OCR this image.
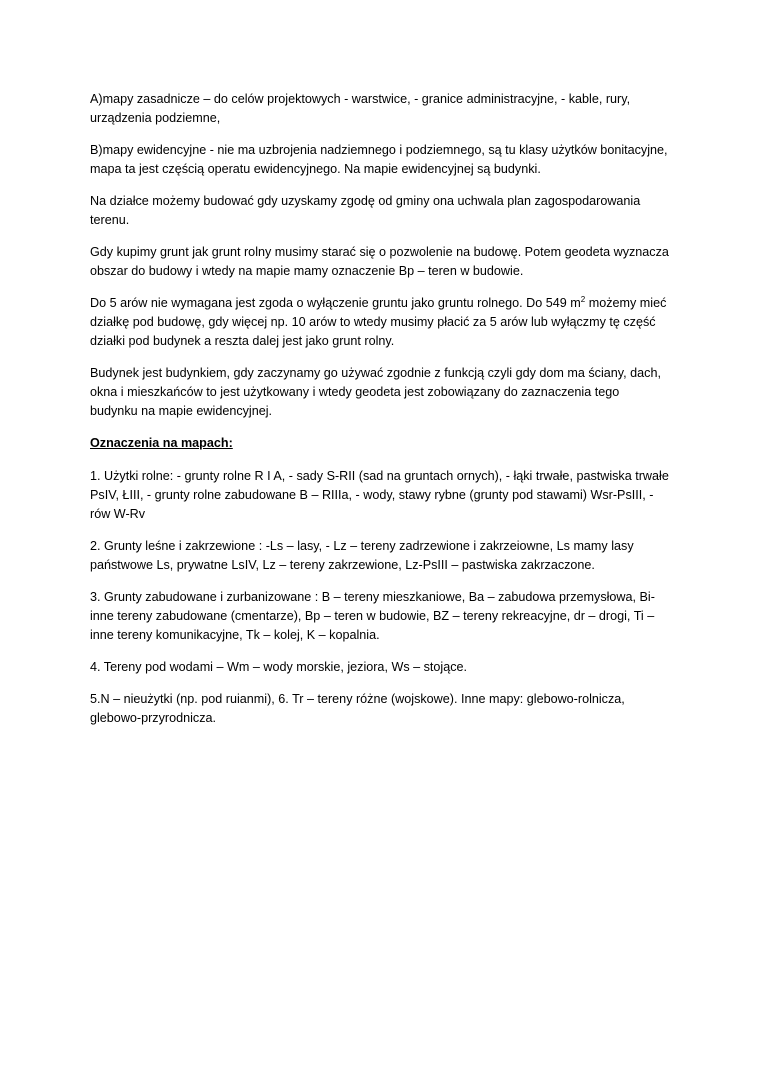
A)mapy zasadnicze – do celów projektowych - warstwice, - granice administracyjne, - kable, rury, urządzenia podziemne,

B)mapy ewidencyjne - nie ma uzbrojenia nadziemnego i podziemnego, są tu klasy użytków bonitacyjne, mapa ta jest częścią operatu ewidencyjnego. Na mapie ewidencyjnej są budynki.

Na działce możemy budować gdy uzyskamy zgodę od gminy ona uchwala plan zagospodarowania terenu.

Gdy kupimy grunt jak grunt rolny musimy starać się o pozwolenie na budowę. Potem geodeta wyznacza obszar do budowy i wtedy na mapie mamy oznaczenie Bp – teren w budowie.

Do 5 arów nie wymagana jest zgoda o wyłączenie gruntu jako gruntu rolnego. Do 549 $m^2$ możemy mieć działkę pod budowę, gdy więcej np. 10 arów to wtedy musimy płacić za 5 arów lub wyłączmy tę część działki pod budynek a reszta dalej jest jako grunt rolny.

Budynek jest budynkiem, gdy zaczynamy go używać zgodnie z funkcją czyli gdy dom ma ściany, dach, okna i mieszkańców to jest użytkowany i wtedy geodeta jest zobowiązany do zaznaczenia tego budynku na mapie ewidencyjnej.

Oznaczenia na mapach:

1. Użytki rolne: - grunty rolne R I A, - sady S-RII (sad na gruntach ornych), - łąki trwałe, pastwiska trwałe PsIV, ŁIII, - grunty rolne zabudowane B – RIIIa, - wody, stawy rybne (grunty pod stawami) Wsr-PsIII, - rów W-Rv

2. Grunty leśne i zakrzewione : -Ls – lasy, - Lz – tereny zadrzewione i zakrzeiowne, Ls mamy lasy państwowe Ls, prywatne LsIV, Lz – tereny zakrzewione, Lz-PsIII – pastwiska zakrzaczone.

3. Grunty zabudowane i zurbanizowane : B – tereny mieszkaniowe, Ba – zabudowa przemysłowa, Bi- inne tereny zabudowane (cmentarze), Bp – teren w budowie, BZ – tereny rekreacyjne, dr – drogi, Ti – inne tereny komunikacyjne, Tk – kolej, K – kopalnia.

4. Tereny pod wodami – Wm – wody morskie, jeziora, Ws – stojące.

5.N – nieużytki (np. pod ruianmi), 6. Tr – tereny różne (wojskowe). Inne mapy: glebowo-rolnicza, glebowo-przyrodnicza.
